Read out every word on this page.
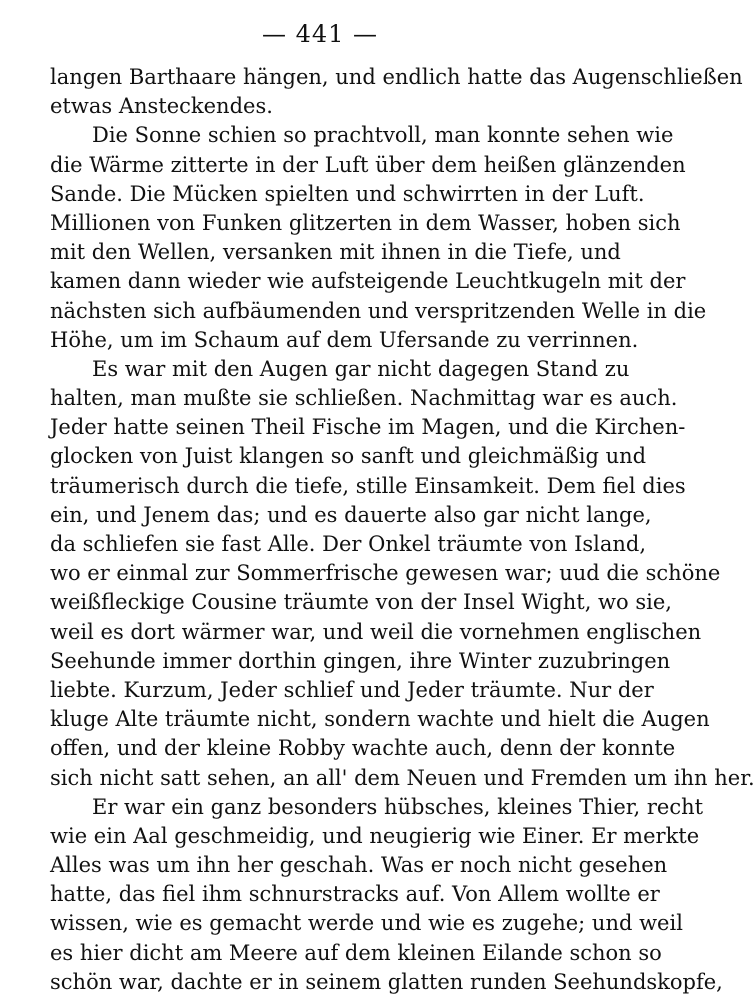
— 441 —
langen Barthaare hängen, und endlich hatte das Augenschließen
etwas Ansteckendes.
Die Sonne schien so prachtvoll, man konnte sehen wie
die Wärme zitterte in der Luft über dem heißen glänzenden
Sande. Die Mücken spielten und schwirrten in der Luft.
Millionen von Funken glitzerten in dem Wasser, hoben sich
mit den Wellen, versanken mit ihnen in die Tiefe, und
kamen dann wieder wie aufsteigende Leuchtkugeln mit der
nächsten sich aufbäumenden und verspritzenden Welle in die
Höhe, um im Schaum auf dem Ufersande zu verrinnen.
Es war mit den Augen gar nicht dagegen Stand zu
halten, man mußte sie schließen. Nachmittag war es auch.
Jeder hatte seinen Theil Fische im Magen, und die Kirchen-
glocken von Juist klangen so sanft und gleichmäßig und
träumerisch durch die tiefe, stille Einsamkeit. Dem fiel dies
ein, und Jenem das; und es dauerte also gar nicht lange,
da schliefen sie fast Alle. Der Onkel träumte von Island,
wo er einmal zur Sommerfrische gewesen war; uud die schöne
weißfleckige Cousine träumte von der Insel Wight, wo sie,
weil es dort wärmer war, und weil die vornehmen englischen
Seehunde immer dorthin gingen, ihre Winter zuzubringen
liebte. Kurzum, Jeder schlief und Jeder träumte. Nur der
kluge Alte träumte nicht, sondern wachte und hielt die Augen
offen, und der kleine Robby wachte auch, denn der konnte
sich nicht satt sehen, an all' dem Neuen und Fremden um ihn her.
Er war ein ganz besonders hübsches, kleines Thier, recht
wie ein Aal geschmeidig, und neugierig wie Einer. Er merkte
Alles was um ihn her geschah. Was er noch nicht gesehen
hatte, das fiel ihm schnurstracks auf. Von Allem wollte er
wissen, wie es gemacht werde und wie es zugehe; und weil
es hier dicht am Meere auf dem kleinen Eilande schon so
schön war, dachte er in seinem glatten runden Seehundskopfe,
